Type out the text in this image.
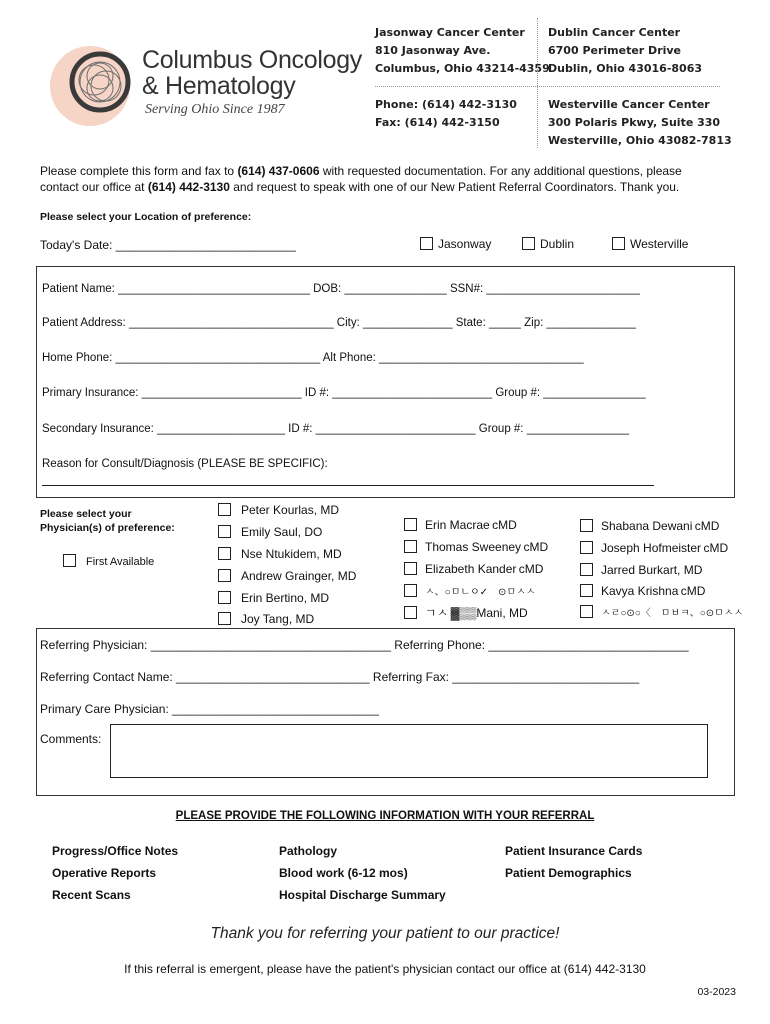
Columbus Oncology
& Hematology
Serving Ohio Since 1987
Jasonway Cancer Center
810 Jasonway Ave.
Columbus, Ohio 43214-4359
Dublin Cancer Center
6700 Perimeter Drive
Dublin, Ohio 43016-8063
Phone: (614) 442-3130
Fax: (614) 442-3150
Westerville Cancer Center
300 Polaris Pkwy, Suite 330
Westerville, Ohio 43082-7813
Please complete this form and fax to (614) 437-0606 with requested documentation. For any additional questions, please
contact our office at (614) 442-3130 and request to speak with one of our New Patient Referral Coordinators. Thank you.
Please select your Location of preference:
Today's Date: ___________________________	Jasonway	Dublin	Westerville
Patient Name: ______________________________ DOB: ________________ SSN#: ________________________
Patient Address: ________________________________ City: ______________ State: _____ Zip: ______________
Home Phone: ________________________________ Alt Phone: ________________________________
Primary Insurance: _________________________ ID #: _________________________ Group #: ________________
Secondary Insurance: ____________________ ID #: _________________________ Group #: ________________
Reason for Consult/Diagnosis (PLEASE BE SPECIFIC):
Please select your
Physician(s) of preference:
First Available
Peter Kourlas, MD
Emily Saul, DO
Nse Ntukidem, MD
Andrew Grainger, MD
Erin Bertino, MD
Joy Tang, MD
Erin Macrae ϲMD
Thomas Sweeney ϲMD
Elizabeth Kander ϲMD
ㅅ、○ㅁㄴㅇ✓　⊙ㅁㅅㅅ
ㄱㅅ ▓▒▒Mani, MD
Shabana Dewani ϲMD
Joseph Hofmeister ϲMD
Jarred Burkart, MD
Kavya Krishna ϲMD
ㅅㄹ○⊙○〈　ㅁㅂㅋ、○⊙ㅁㅅㅅ
Referring Physician: ____________________________________ Referring Phone: ______________________________
Referring Contact Name: _____________________________ Referring Fax: ____________________________
Primary Care Physician: _______________________________
Comments:
PLEASE PROVIDE THE FOLLOWING INFORMATION WITH YOUR REFERRAL
Progress/Office Notes
Operative Reports
Recent Scans
Pathology
Blood work (6-12 mos)
Hospital Discharge Summary
Patient Insurance Cards
Patient Demographics
Thank you for referring your patient to our practice!
If this referral is emergent, please have the patient's physician contact our office at (614) 442-3130
03-2023
